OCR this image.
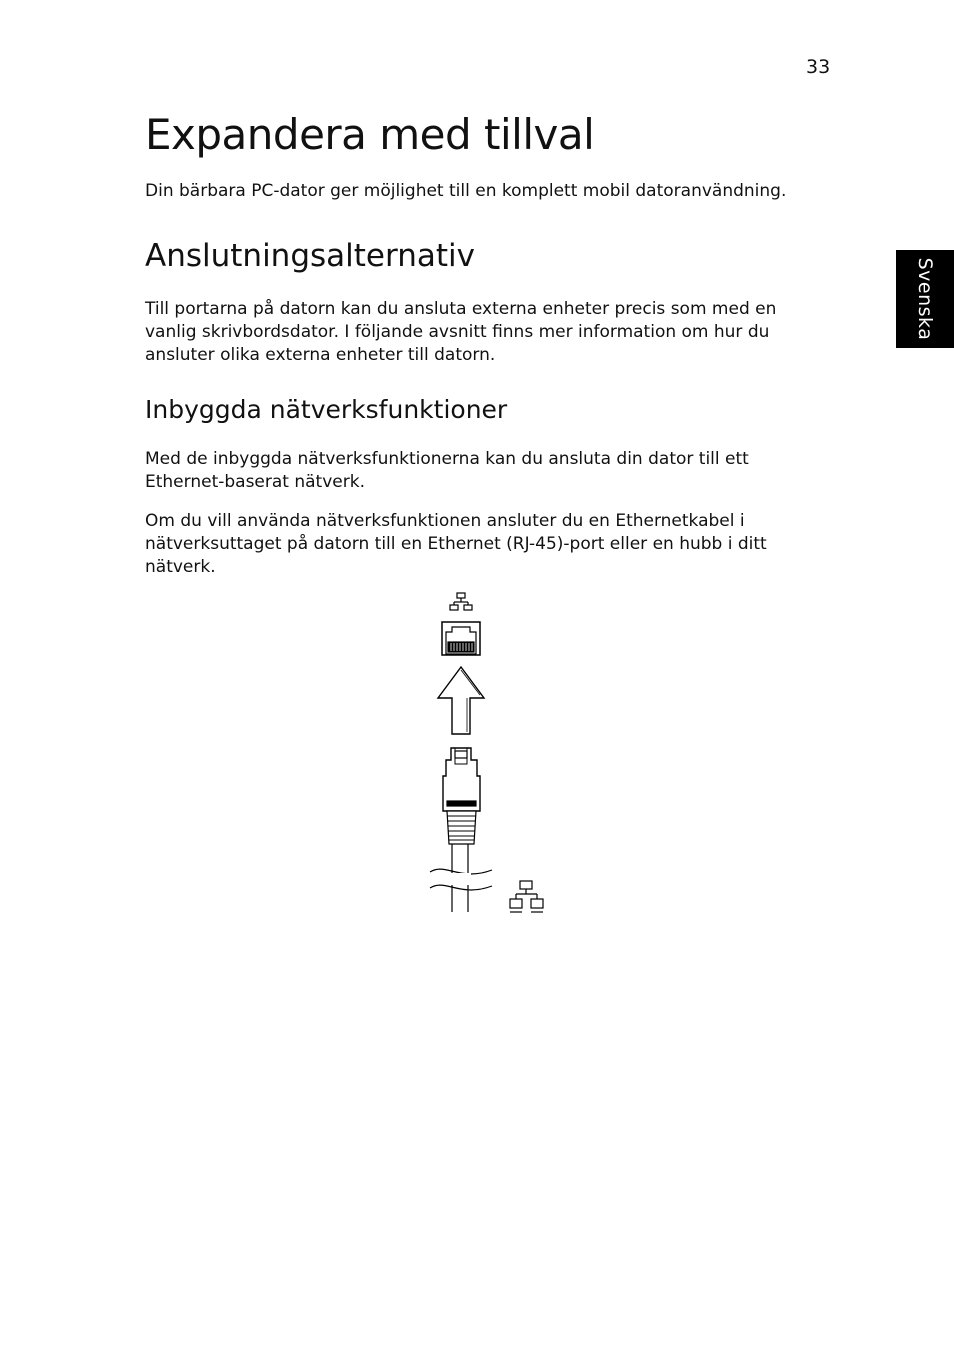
33
Svenska
Expandera med tillval

Din bärbara PC-dator ger möjlighet till en komplett mobil datoranvändning.

Anslutningsalternativ

Till portarna på datorn kan du ansluta externa enheter precis som med en vanlig skrivbordsdator. I följande avsnitt finns mer information om hur du ansluter olika externa enheter till datorn.

Inbyggda nätverksfunktioner

Med de inbyggda nätverksfunktionerna kan du ansluta din dator till ett Ethernet-baserat nätverk.

Om du vill använda nätverksfunktionen ansluter du en Ethernetkabel i nätverksuttaget på datorn till en Ethernet (RJ-45)-port eller en hubb i ditt nätverk.
